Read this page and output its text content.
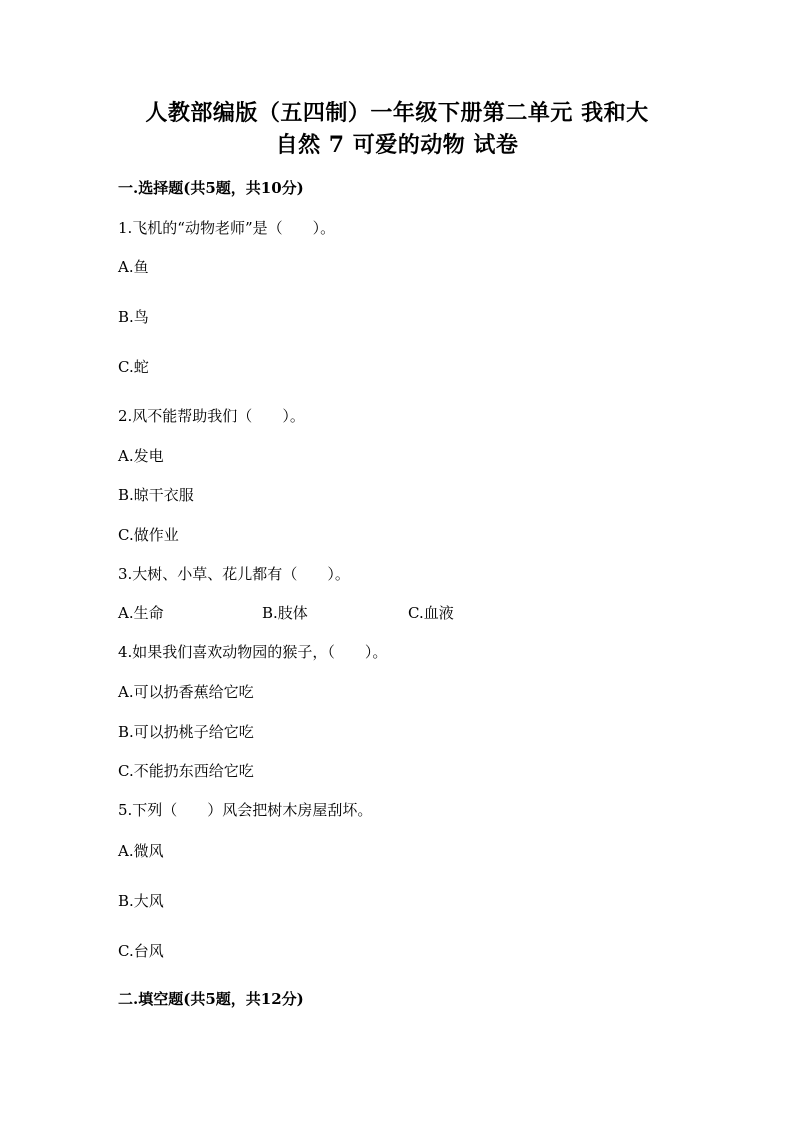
人教部编版（五四制）一年级下册第二单元 我和大
自然 7 可爱的动物 试卷
一.选择题(共5题，共10分)
1.飞机的“动物老师”是（　　）。
A.鱼
B.鸟
C.蛇
2.风不能帮助我们（　　）。
A.发电
B.晾干衣服
C.做作业
3.大树、小草、花儿都有（　　）。
A.生命	B.肢体	C.血液
4.如果我们喜欢动物园的猴子，（　　）。
A.可以扔香蕉给它吃
B.可以扔桃子给它吃
C.不能扔东西给它吃
5.下列（　　）风会把树木房屋刮坏。
A.微风
B.大风
C.台风
二.填空题(共5题，共12分)
